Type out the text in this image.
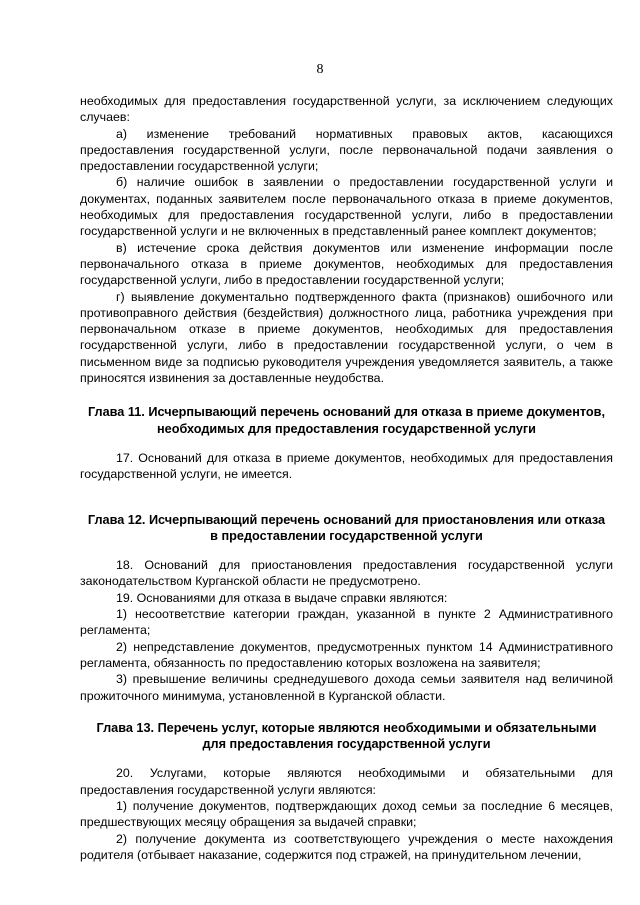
8

необходимых для предоставления государственной услуги, за исключением следующих случаев:

а) изменение требований нормативных правовых актов, касающихся предоставления государственной услуги, после первоначальной подачи заявления о предоставлении государственной услуги;

б) наличие ошибок в заявлении о предоставлении государственной услуги и документах, поданных заявителем после первоначального отказа в приеме документов, необходимых для предоставления государственной услуги, либо в предоставлении государственной услуги и не включенных в представленный ранее комплект документов;

в) истечение срока действия документов или изменение информации после первоначального отказа в приеме документов, необходимых для предоставления государственной услуги, либо в предоставлении государственной услуги;

г) выявление документально подтвержденного факта (признаков) ошибочного или противоправного действия (бездействия) должностного лица, работника учреждения при первоначальном отказе в приеме документов, необходимых для предоставления государственной услуги, либо в предоставлении государственной услуги, о чем в письменном виде за подписью руководителя учреждения уведомляется заявитель, а также приносятся извинения за доставленные неудобства.

Глава 11. Исчерпывающий перечень оснований для отказа в приеме документов,
необходимых для предоставления государственной услуги

17. Оснований для отказа в приеме документов, необходимых для предоставления государственной услуги, не имеется.

Глава 12. Исчерпывающий перечень оснований для приостановления или отказа
в предоставлении государственной услуги

18. Оснований для приостановления предоставления государственной услуги законодательством Курганской области не предусмотрено.

19. Основаниями для отказа в выдаче справки являются:

1) несоответствие категории граждан, указанной в пункте 2 Административного регламента;

2) непредставление документов, предусмотренных пунктом 14 Административного регламента, обязанность по предоставлению которых возложена на заявителя;

3) превышение величины среднедушевого дохода семьи заявителя над величиной прожиточного минимума, установленной в Курганской области.

Глава 13. Перечень услуг, которые являются необходимыми и обязательными
для предоставления государственной услуги

20. Услугами, которые являются необходимыми и обязательными для предоставления государственной услуги являются:

1) получение документов, подтверждающих доход семьи за последние 6 месяцев, предшествующих месяцу обращения за выдачей справки;

2) получение документа из соответствующего учреждения о месте нахождения родителя (отбывает наказание, содержится под стражей, на принудительном лечении,
